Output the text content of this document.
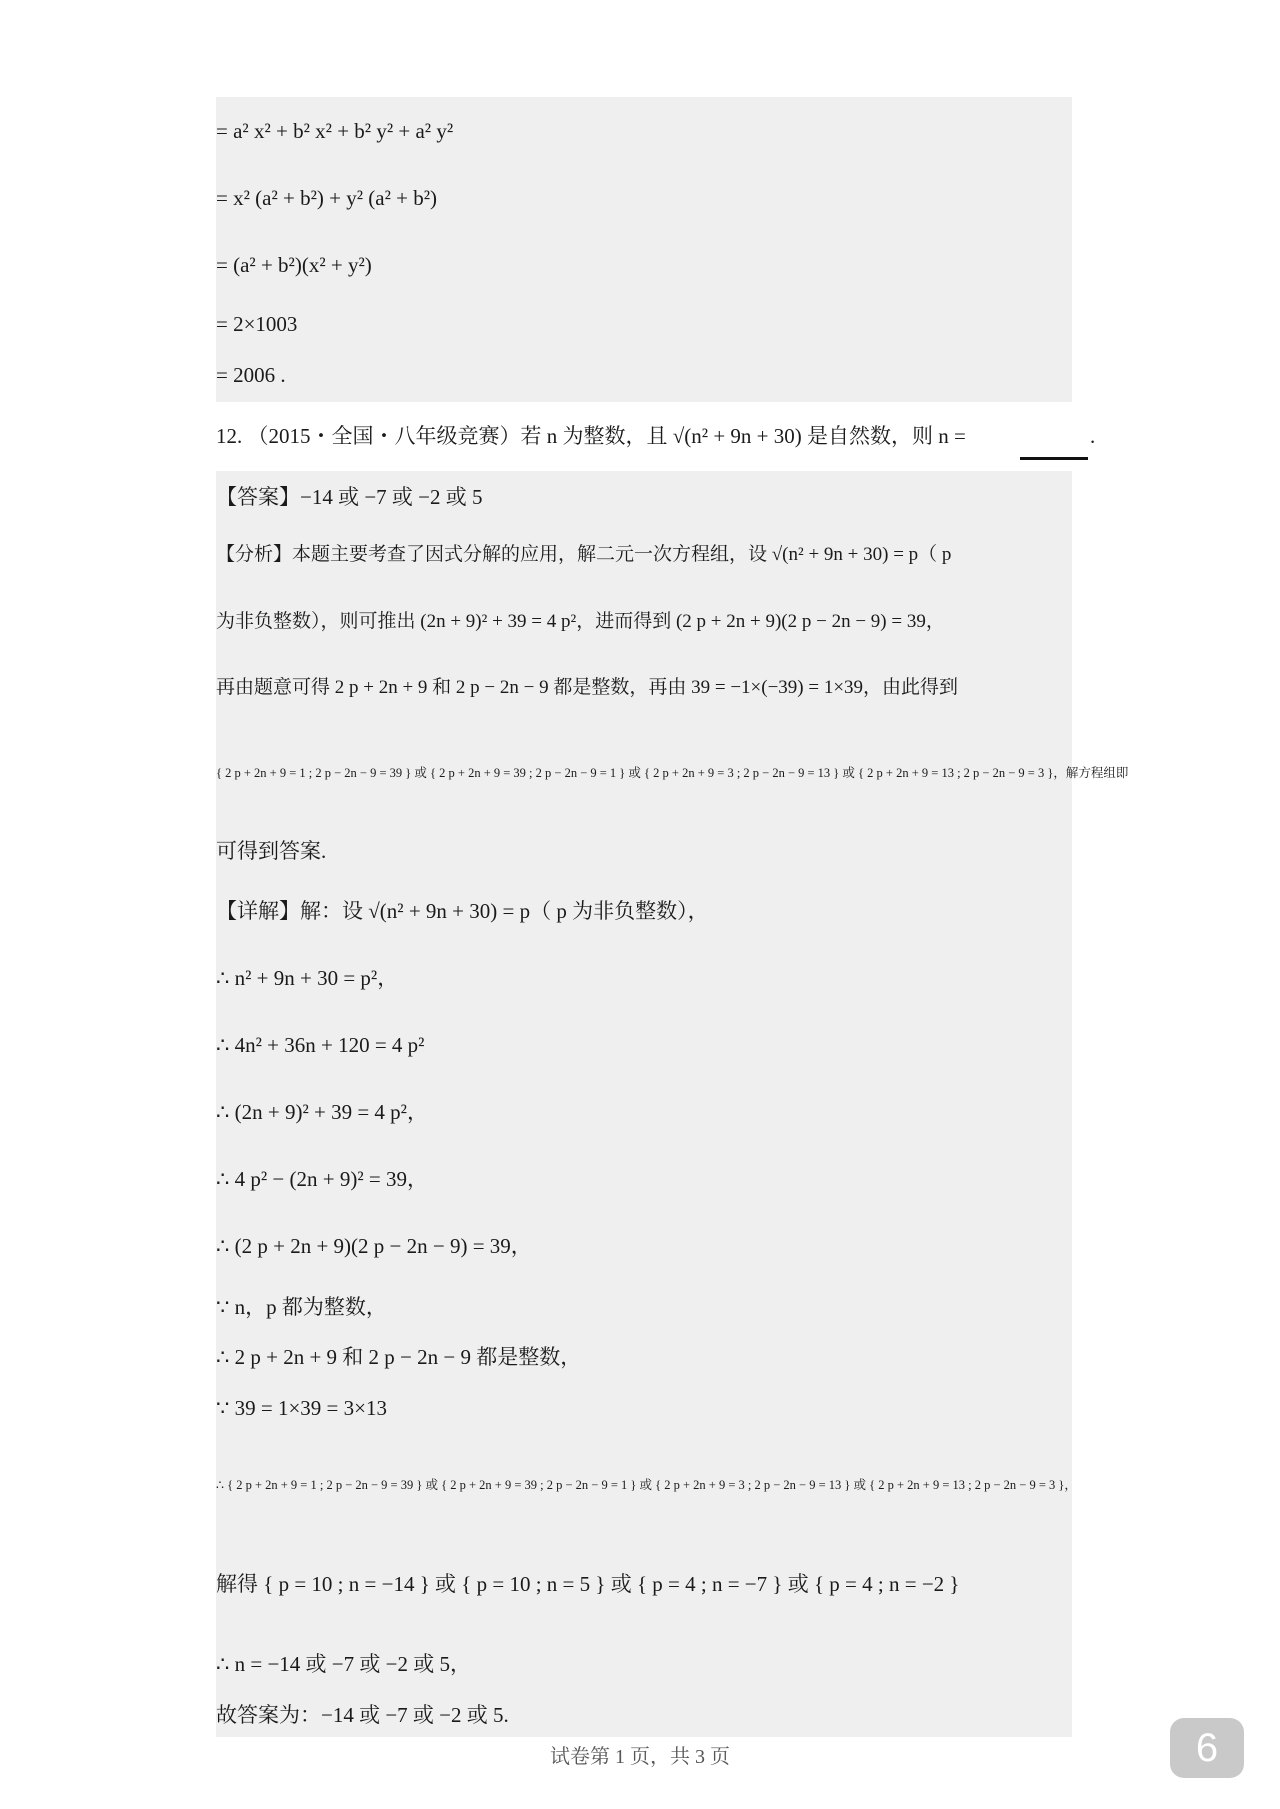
= a² x² + b² x² + b² y² + a² y²
= x² (a² + b²) + y² (a² + b²)
= (a² + b²)(x² + y²)
= 2×1003
= 2006 .
12. （2015・全国・八年级竞赛）若 n 为整数，且 √(n² + 9n + 30) 是自然数，则 n =	.
【答案】−14 或 −7 或 −2 或 5
【分析】本题主要考查了因式分解的应用，解二元一次方程组，设 √(n² + 9n + 30) = p（ p
为非负整数），则可推出 (2n + 9)² + 39 = 4 p²，进而得到 (2 p + 2n + 9)(2 p − 2n − 9) = 39，
再由题意可得 2 p + 2n + 9 和 2 p − 2n − 9 都是整数，再由 39 = −1×(−39) = 1×39，由此得到
{ 2 p + 2n + 9 = 1 ; 2 p − 2n − 9 = 39 } 或 { 2 p + 2n + 9 = 39 ; 2 p − 2n − 9 = 1 } 或 { 2 p + 2n + 9 = 3 ; 2 p − 2n − 9 = 13 } 或 { 2 p + 2n + 9 = 13 ; 2 p − 2n − 9 = 3 }，解方程组即
可得到答案.
【详解】解：设 √(n² + 9n + 30) = p（ p 为非负整数），
∴ n² + 9n + 30 = p²，
∴ 4n² + 36n + 120 = 4 p²
∴ (2n + 9)² + 39 = 4 p²，
∴ 4 p² − (2n + 9)² = 39，
∴ (2 p + 2n + 9)(2 p − 2n − 9) = 39，
∵ n，p 都为整数，
∴ 2 p + 2n + 9 和 2 p − 2n − 9 都是整数，
∵ 39 = 1×39 = 3×13
∴ { 2 p + 2n + 9 = 1 ; 2 p − 2n − 9 = 39 } 或 { 2 p + 2n + 9 = 39 ; 2 p − 2n − 9 = 1 } 或 { 2 p + 2n + 9 = 3 ; 2 p − 2n − 9 = 13 } 或 { 2 p + 2n + 9 = 13 ; 2 p − 2n − 9 = 3 }，
解得 { p = 10 ; n = −14 } 或 { p = 10 ; n = 5 } 或 { p = 4 ; n = −7 } 或 { p = 4 ; n = −2 }
∴ n = −14 或 −7 或 −2 或 5，
故答案为：−14 或 −7 或 −2 或 5.
试卷第 1 页，共 3 页	6
